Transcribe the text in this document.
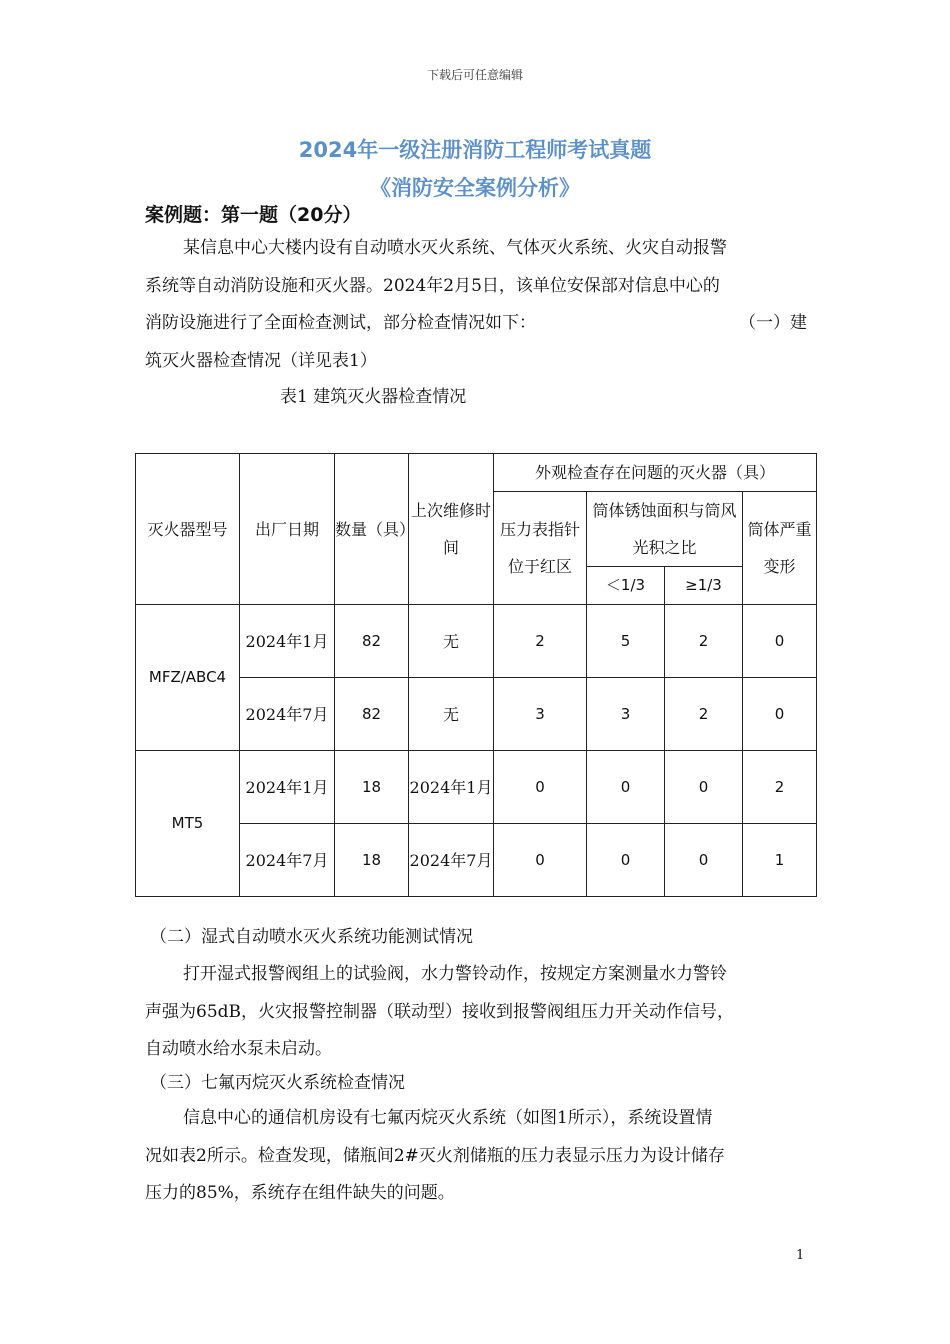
下载后可任意编辑
2024年一级注册消防工程师考试真题
《消防安全案例分析》
案例题：第一题（20分）
某信息中心大楼内设有自动喷水灭火系统、气体灭火系统、火灾自动报警
系统等自动消防设施和灭火器。2024年2月5日，该单位安保部对信息中心的
消防设施进行了全面检查测试，部分检查情况如下：	（一）建
筑灭火器检查情况（详见表1）
表1 建筑灭火器检查情况
灭火器型号	出厂日期	数量（具）	上次维修时间	外观检查存在问题的灭火器（具）			
				压力表指针位于红区	筒体锈蚀面积与筒风光积之比		筒体严重变形
					＜1/3	≥1/3	
MFZ/ABC4	2024年1月	82	无	2	5	2	0
	2024年7月	82	无	3	3	2	0
MT5	2024年1月	18	2024年1月	0	0	0	2
	2024年7月	18	2024年7月	0	0	0	1
（二）湿式自动喷水灭火系统功能测试情况
打开湿式报警阀组上的试验阀，水力警铃动作，按规定方案测量水力警铃
声强为65dB，火灾报警控制器（联动型）接收到报警阀组压力开关动作信号，
自动喷水给水泵未启动。
（三）七氟丙烷灭火系统检查情况
信息中心的通信机房设有七氟丙烷灭火系统（如图1所示），系统设置情
况如表2所示。检查发现，储瓶间2#灭火剂储瓶的压力表显示压力为设计储存
压力的85%，系统存在组件缺失的问题。
1
